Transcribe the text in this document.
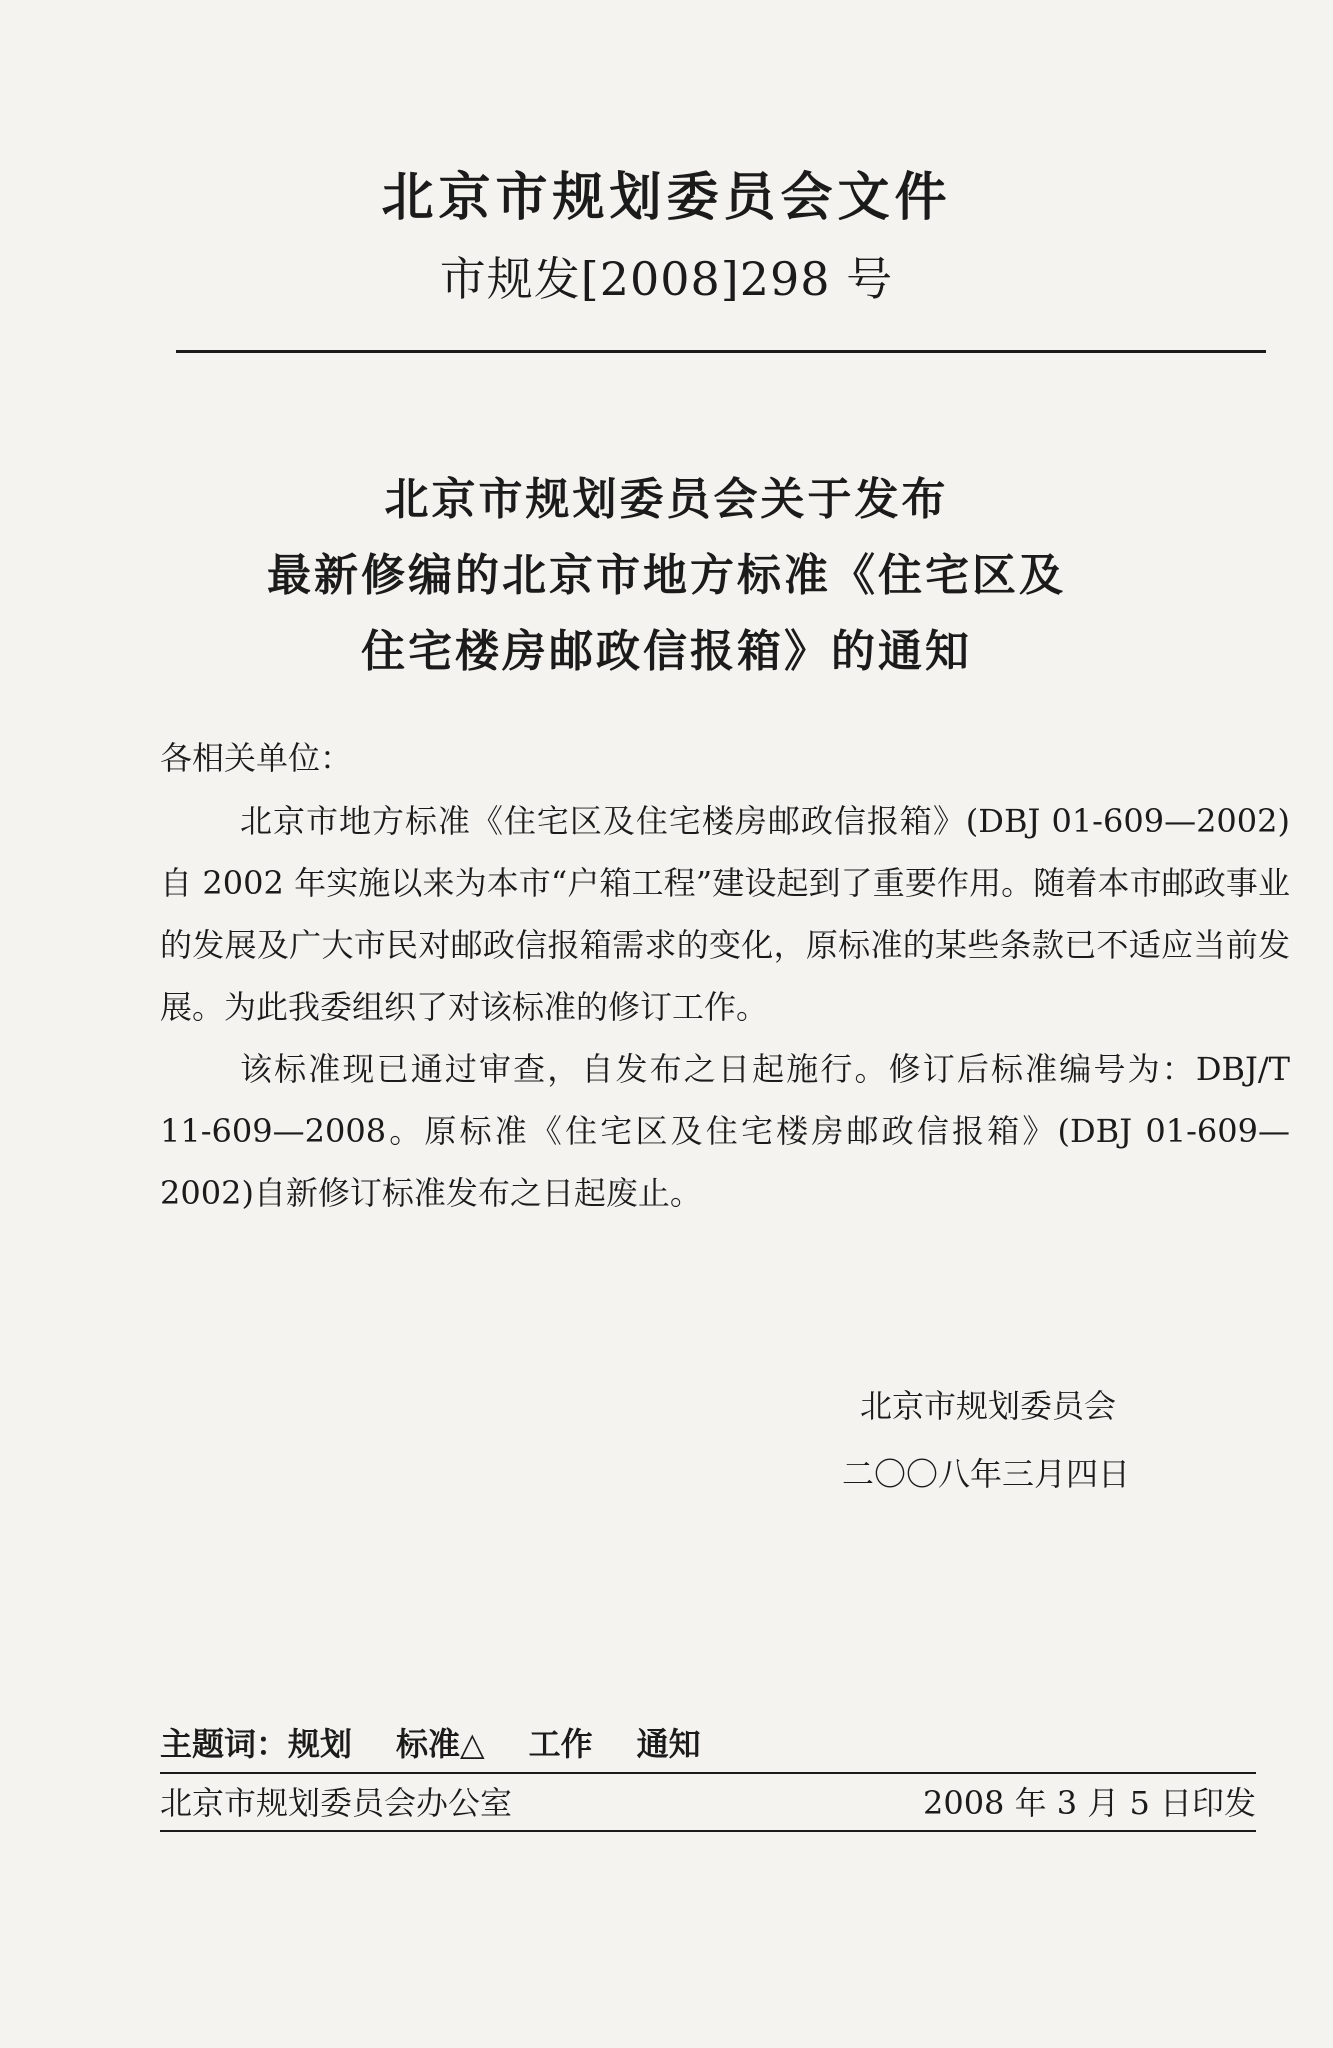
北京市规划委员会文件
市规发[2008]298 号
北京市规划委员会关于发布
最新修编的北京市地方标准《住宅区及
住宅楼房邮政信报箱》的通知
各相关单位：

北京市地方标准《住宅区及住宅楼房邮政信报箱》(DBJ 01-609—2002)自 2002 年实施以来为本市“户箱工程”建设起到了重要作用。随着本市邮政事业的发展及广大市民对邮政信报箱需求的变化，原标准的某些条款已不适应当前发展。为此我委组织了对该标准的修订工作。

该标准现已通过审查，自发布之日起施行。修订后标准编号为：DBJ/T 11-609—2008。原标准《住宅区及住宅楼房邮政信报箱》(DBJ 01-609—2002)自新修订标准发布之日起废止。

北京市规划委员会
二〇〇八年三月四日
主题词：规划 标准△ 工作 通知
北京市规划委员会办公室	2008 年 3 月 5 日印发
